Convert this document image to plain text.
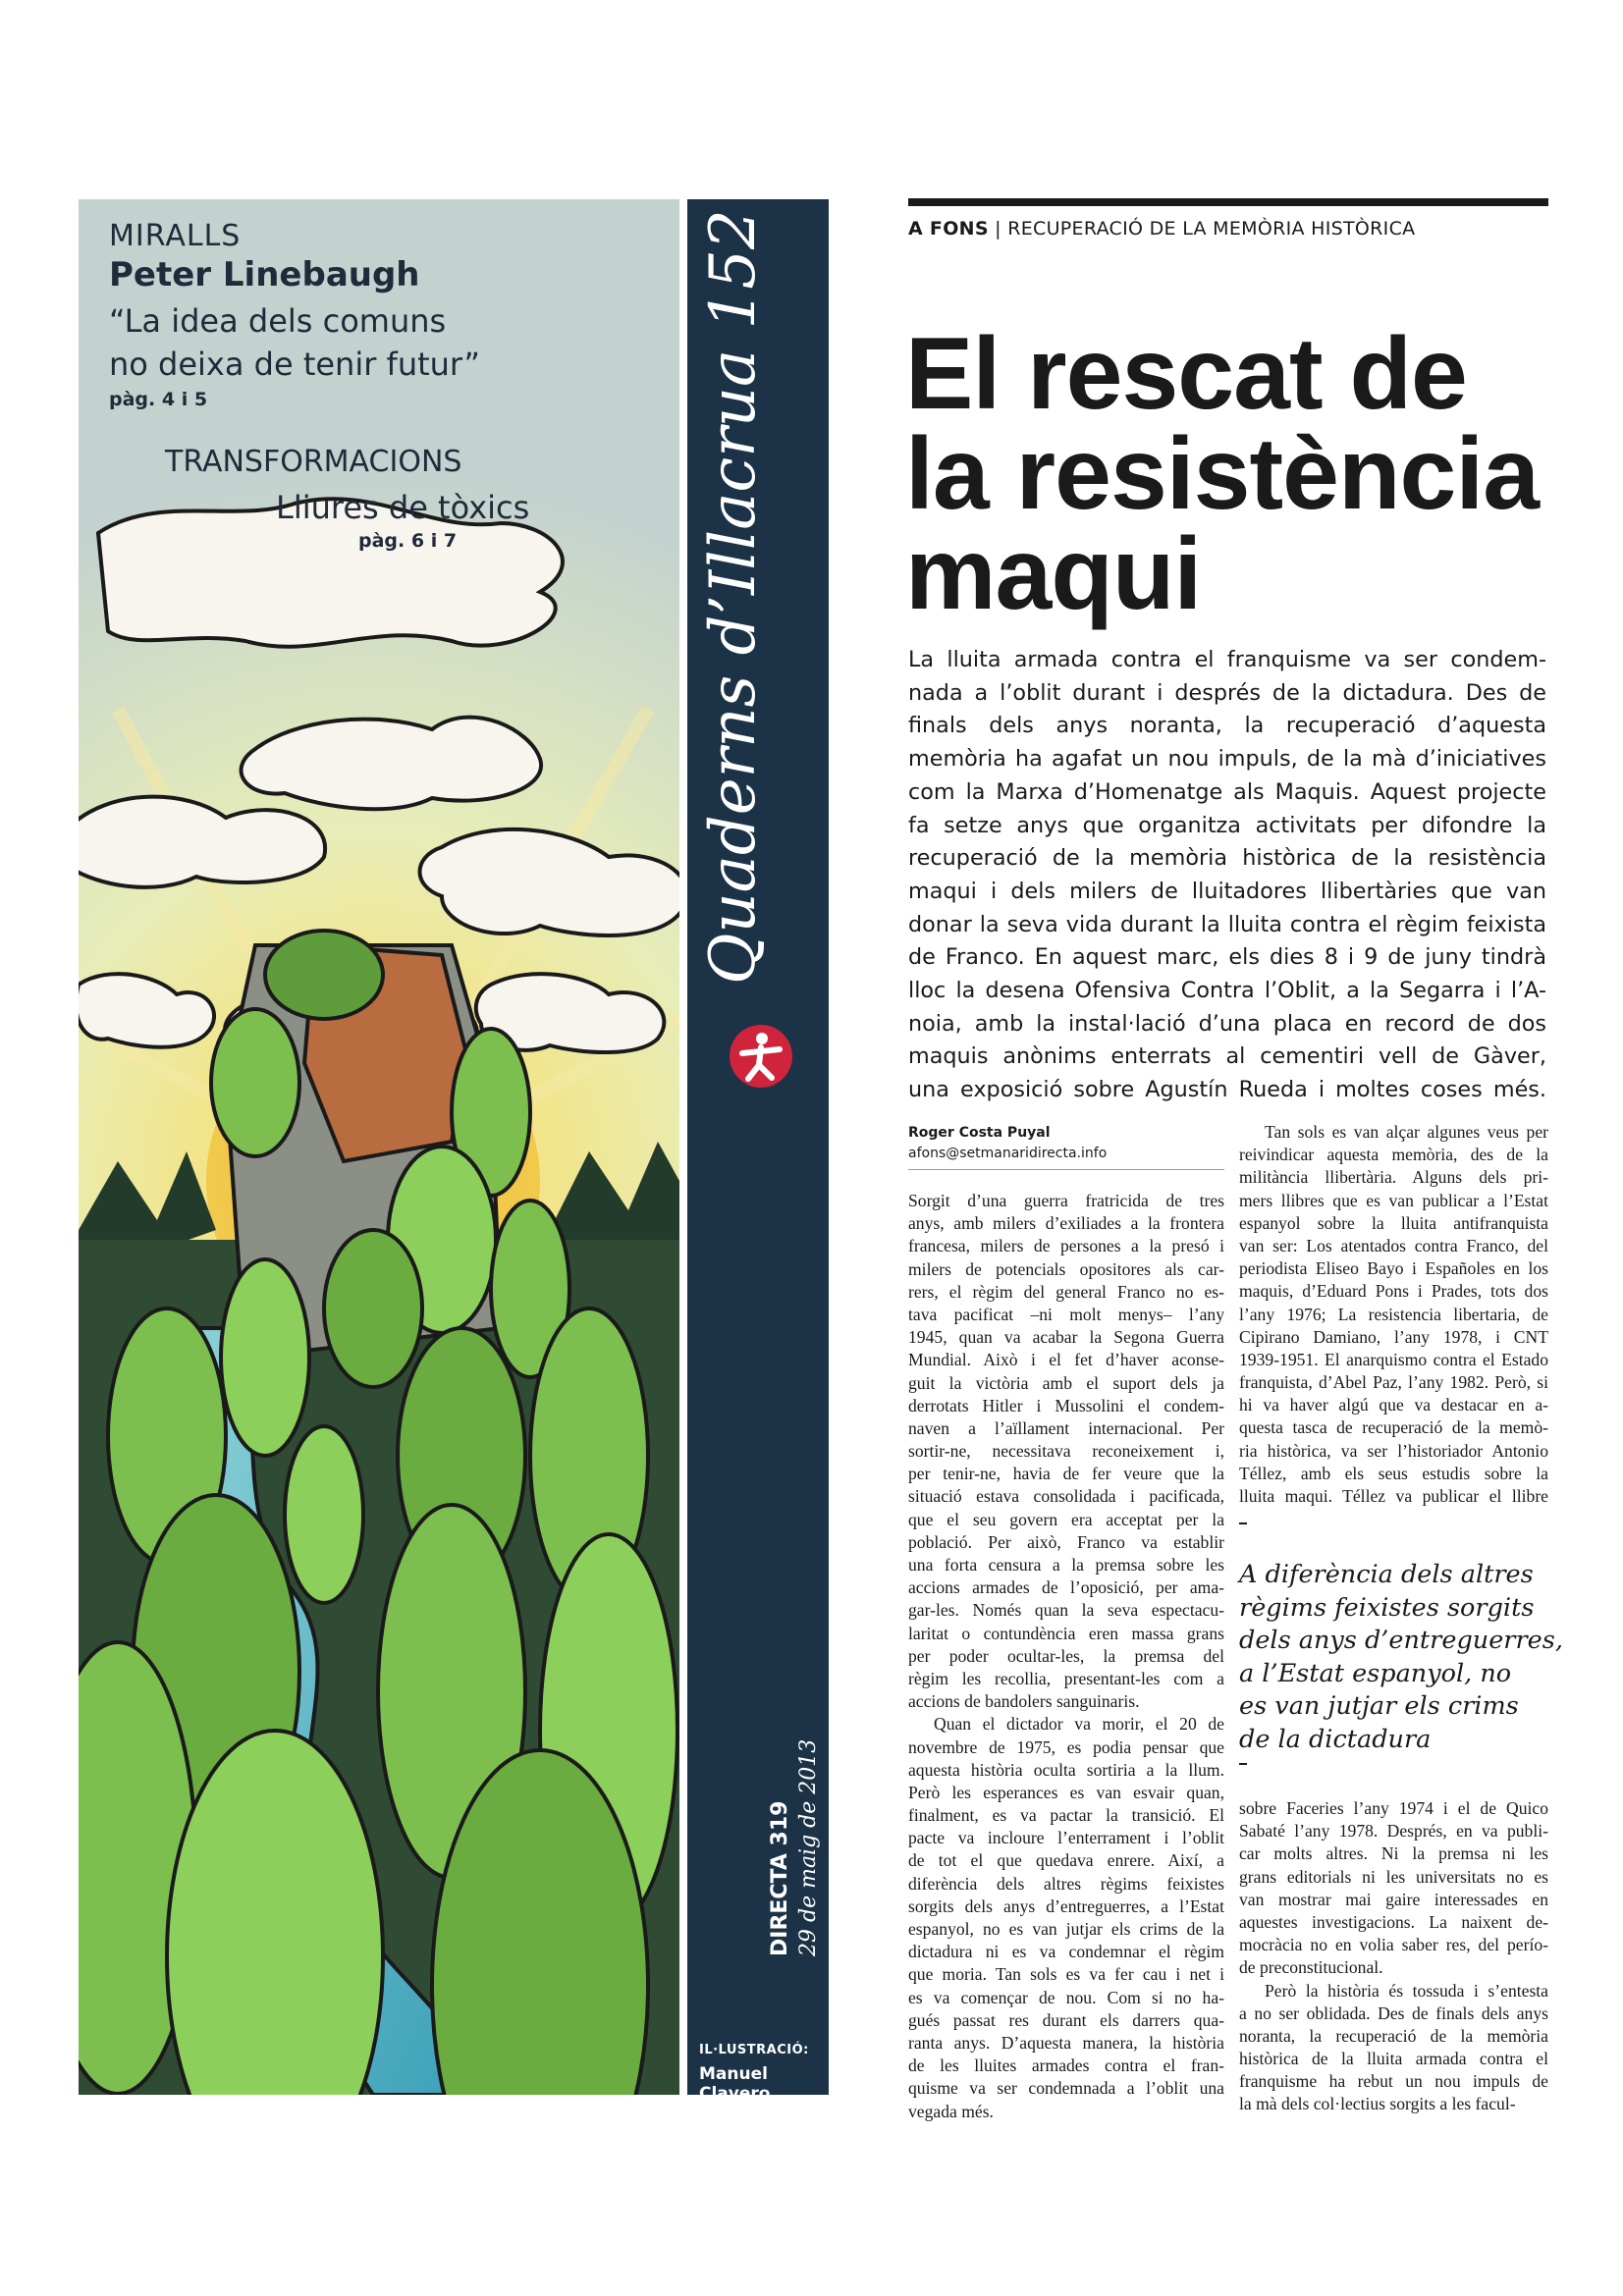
MIRALLS
Peter Linebaugh
“La idea dels comuns
no deixa de tenir futur”
pàg. 4 i 5
TRANSFORMACIONS
Lliures de tòxics
pàg. 6 i 7	Quaderns d’Illacrua 152
DIRECTA 319 29 de maig de 2013
IL·LUSTRACIÓ:
Manuel Clavero
A FONS | RECUPERACIÓ DE LA MEMÒRIA HISTÒRICA
El rescat de
la resistència
maqui
La lluita armada contra el franquisme va ser condem-
nada a l’oblit durant i després de la dictadura. Des de
finals dels anys noranta, la recuperació d’aquesta
memòria ha agafat un nou impuls, de la mà d’iniciatives
com la Marxa d’Homenatge als Maquis. Aquest projecte
fa setze anys que organitza activitats per difondre la
recuperació de la memòria històrica de la resistència
maqui i dels milers de lluitadores llibertàries que van
donar la seva vida durant la lluita contra el règim feixista
de Franco. En aquest marc, els dies 8 i 9 de juny tindrà
lloc la desena Ofensiva Contra l’Oblit, a la Segarra i l’A-
noia, amb la instal·lació d’una placa en record de dos
maquis anònims enterrats al cementiri vell de Gàver,
una exposició sobre Agustín Rueda i moltes coses més.
Roger Costa Puyal
afons@setmanaridirecta.info
Sorgit d’una guerra fratricida de tres
anys, amb milers d’exiliades a la frontera
francesa, milers de persones a la presó i
milers de potencials opositores als car-
rers, el règim del general Franco no es-
tava pacificat –ni molt menys– l’any
1945, quan va acabar la Segona Guerra
Mundial. Això i el fet d’haver aconse-
guit la victòria amb el suport dels ja
derrotats Hitler i Mussolini el condem-
naven a l’aïllament internacional. Per
sortir-ne, necessitava reconeixement i,
per tenir-ne, havia de fer veure que la
situació estava consolidada i pacificada,
que el seu govern era acceptat per la
població. Per això, Franco va establir
una forta censura a la premsa sobre les
accions armades de l’oposició, per ama-
gar-les. Només quan la seva espectacu-
laritat o contundència eren massa grans
per poder ocultar-les, la premsa del
règim les recollia, presentant-les com a
accions de bandolers sanguinaris.
Quan el dictador va morir, el 20 de
novembre de 1975, es podia pensar que
aquesta història oculta sortiria a la llum.
Però les esperances es van esvair quan,
finalment, es va pactar la transició. El
pacte va incloure l’enterrament i l’oblit
de tot el que quedava enrere. Així, a
diferència dels altres règims feixistes
sorgits dels anys d’entreguerres, a l’Estat
espanyol, no es van jutjar els crims de la
dictadura ni es va condemnar el règim
que moria. Tan sols es va fer cau i net i
es va començar de nou. Com si no ha-
gués passat res durant els darrers qua-
ranta anys. D’aquesta manera, la història
de les lluites armades contra el fran-
quisme va ser condemnada a l’oblit una
vegada més.
Tan sols es van alçar algunes veus per
reivindicar aquesta memòria, des de la
militància llibertària. Alguns dels pri-
mers llibres que es van publicar a l’Estat
espanyol sobre la lluita antifranquista
van ser: Los atentados contra Franco, del
periodista Eliseo Bayo i Españoles en los
maquis, d’Eduard Pons i Prades, tots dos
l’any 1976; La resistencia libertaria, de
Cipirano Damiano, l’any 1978, i CNT
1939-1951. El anarquismo contra el Estado
franquista, d’Abel Paz, l’any 1982. Però, si
hi va haver algú que va destacar en a-
questa tasca de recuperació de la memò-
ria històrica, va ser l’historiador Antonio
Téllez, amb els seus estudis sobre la
lluita maqui. Téllez va publicar el llibre
A diferència dels altres
règims feixistes sorgits
dels anys d’entreguerres,
a l’Estat espanyol, no
es van jutjar els crims
de la dictadura
sobre Faceries l’any 1974 i el de Quico
Sabaté l’any 1978. Després, en va publi-
car molts altres. Ni la premsa ni les
grans editorials ni les universitats no es
van mostrar mai gaire interessades en
aquestes investigacions. La naixent de-
mocràcia no en volia saber res, del perío-
de preconstitucional.
Però la història és tossuda i s’entesta
a no ser oblidada. Des de finals dels anys
noranta, la recuperació de la memòria
històrica de la lluita armada contra el
franquisme ha rebut un nou impuls de
la mà dels col·lectius sorgits a les facul-
